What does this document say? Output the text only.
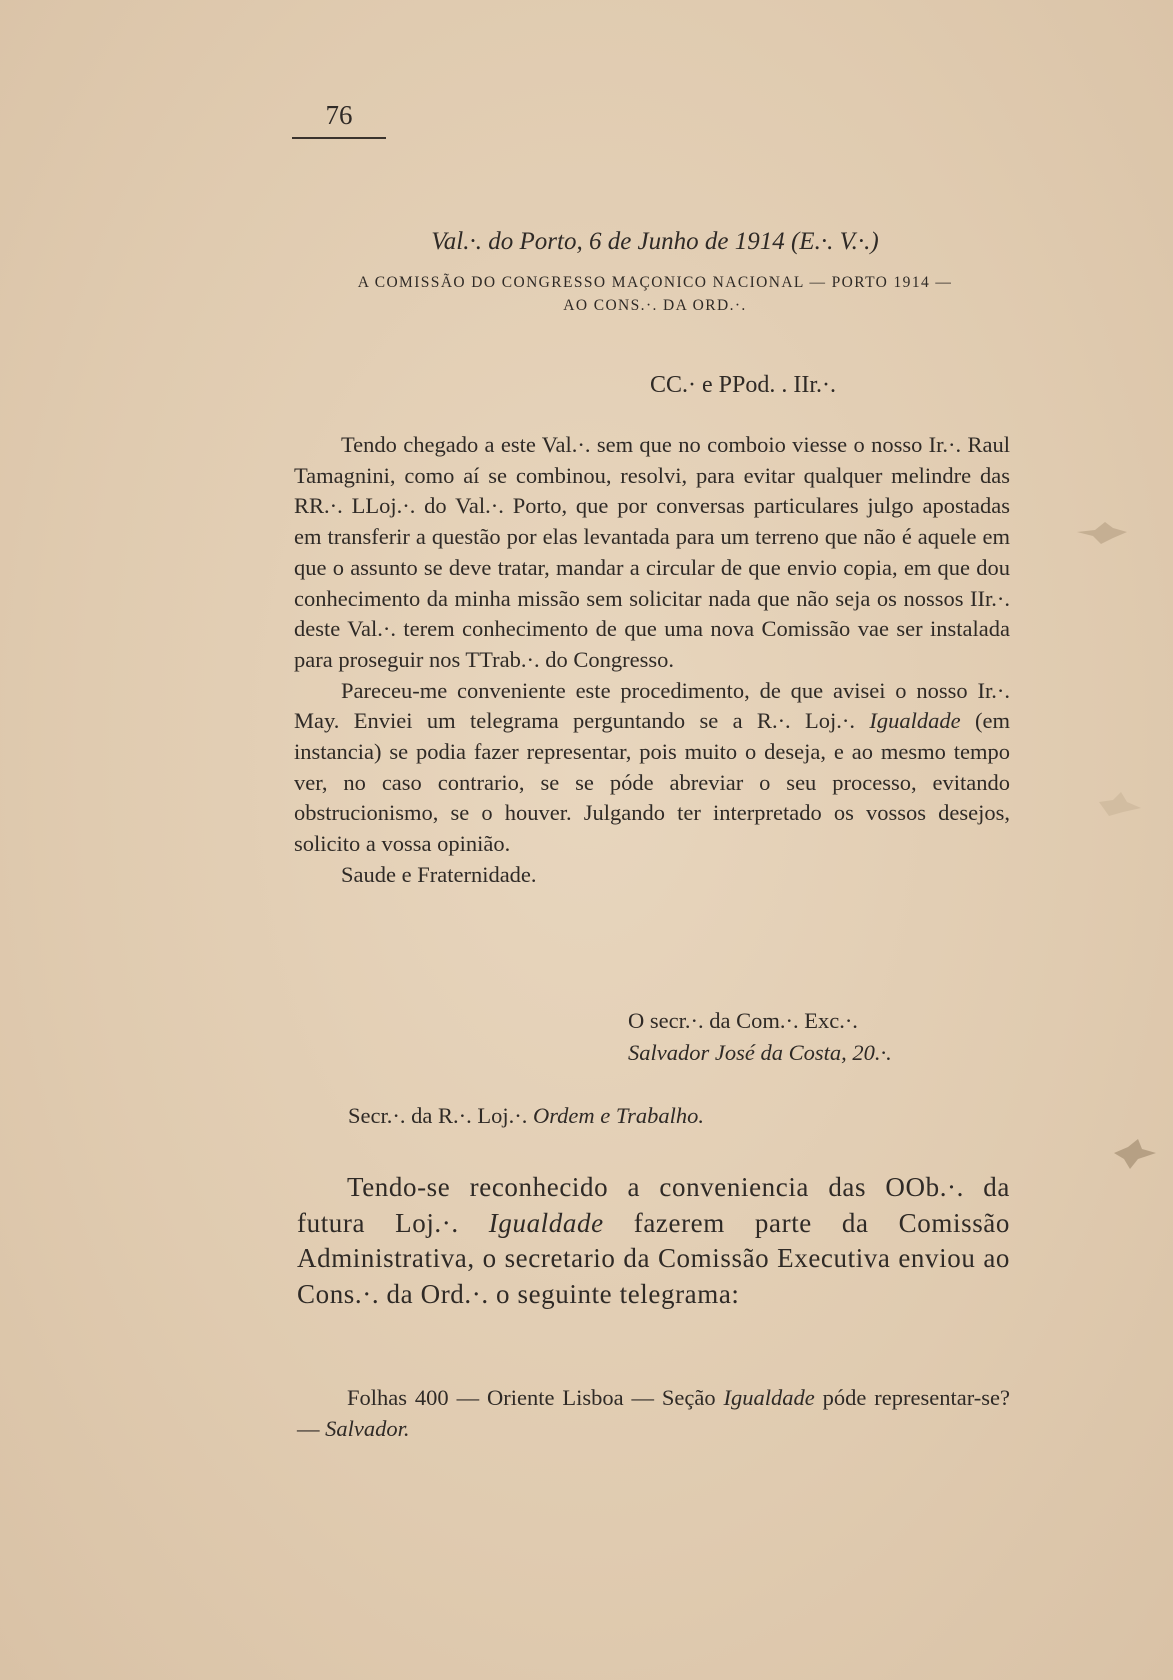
76
Val.·. do Porto, 6 de Junho de 1914 (E.·. V.·.)
A COMISSÃO DO CONGRESSO MAÇONICO NACIONAL — PORTO 1914 —
AO CONS.·. DA ORD.·.
CC.· e PPod. . IIr.·.

Tendo chegado a este Val.·. sem que no comboio viesse o nosso Ir.·. Raul Tamagnini, como aí se combinou, resolvi, para evitar qualquer melindre das RR.·. LLoj.·. do Val.·. Porto, que por conversas particulares julgo apostadas em transferir a questão por elas levantada para um terreno que não é aquele em que o assunto se deve tratar, mandar a circular de que envio copia, em que dou conhecimento da minha missão sem solicitar nada que não seja os nossos IIr.·. deste Val.·. terem conhecimento de que uma nova Comissão vae ser instalada para proseguir nos TTrab.·. do Congresso.

Pareceu-me conveniente este procedimento, de que avisei o nosso Ir.·. May. Enviei um telegrama perguntando se a R.·. Loj.·. Igualdade (em instancia) se podia fazer representar, pois muito o deseja, e ao mesmo tempo ver, no caso contrario, se se póde abreviar o seu processo, evitando obstrucionismo, se o houver. Julgando ter interpretado os vossos desejos, solicito a vossa opinião.

Saude e Fraternidade.

O secr.·. da Com.·. Exc.·.
Salvador José da Costa, 20.·.
Secr.·. da R.·. Loj.·. Ordem e Trabalho.

Tendo-se reconhecido a conveniencia das OOb.·. da futura Loj.·. Igualdade fazerem parte da Comissão Administrativa, o secretario da Comissão Executiva enviou ao Cons.·. da Ord.·. o seguinte telegrama:

Folhas 400 — Oriente Lisboa — Seção Igualdade póde representar-se? — Salvador.
